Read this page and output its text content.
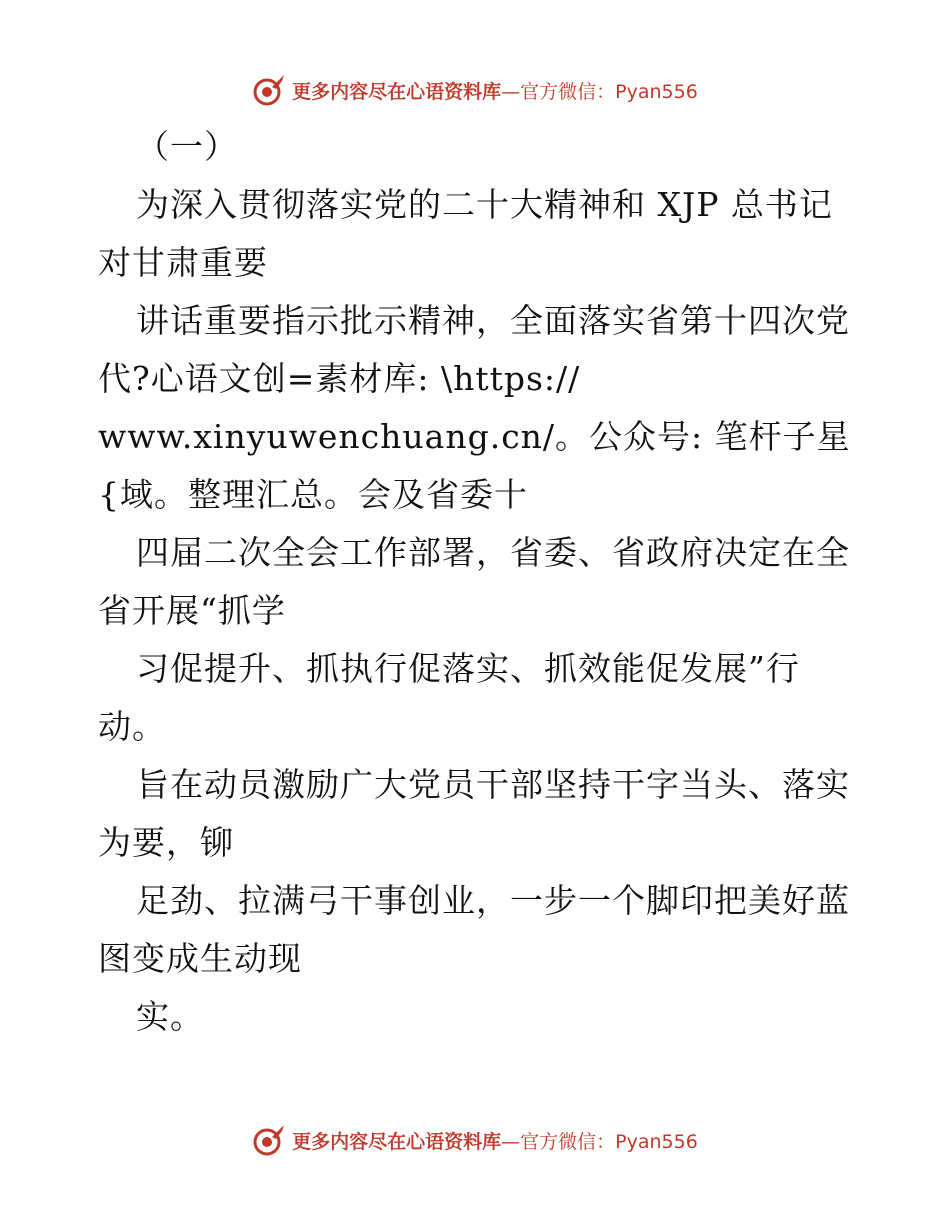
更多内容尽在心语资料库—官方微信：Pyan556
（一）
为深入贯彻落实党的二十大精神和 XJP 总书记
对甘肃重要
讲话重要指示批示精神，全面落实省第十四次党
代?心语文创=素材库: \https://
www.xinyuwenchuang.cn/。公众号: 笔杆子星
{域。整理汇总。会及省委十
四届二次全会工作部署，省委、省政府决定在全
省开展“抓学
习促提升、抓执行促落实、抓效能促发展”行
动。
旨在动员激励广大党员干部坚持干字当头、落实
为要，铆
足劲、拉满弓干事创业，一步一个脚印把美好蓝
图变成生动现
实。
更多内容尽在心语资料库—官方微信：Pyan556
